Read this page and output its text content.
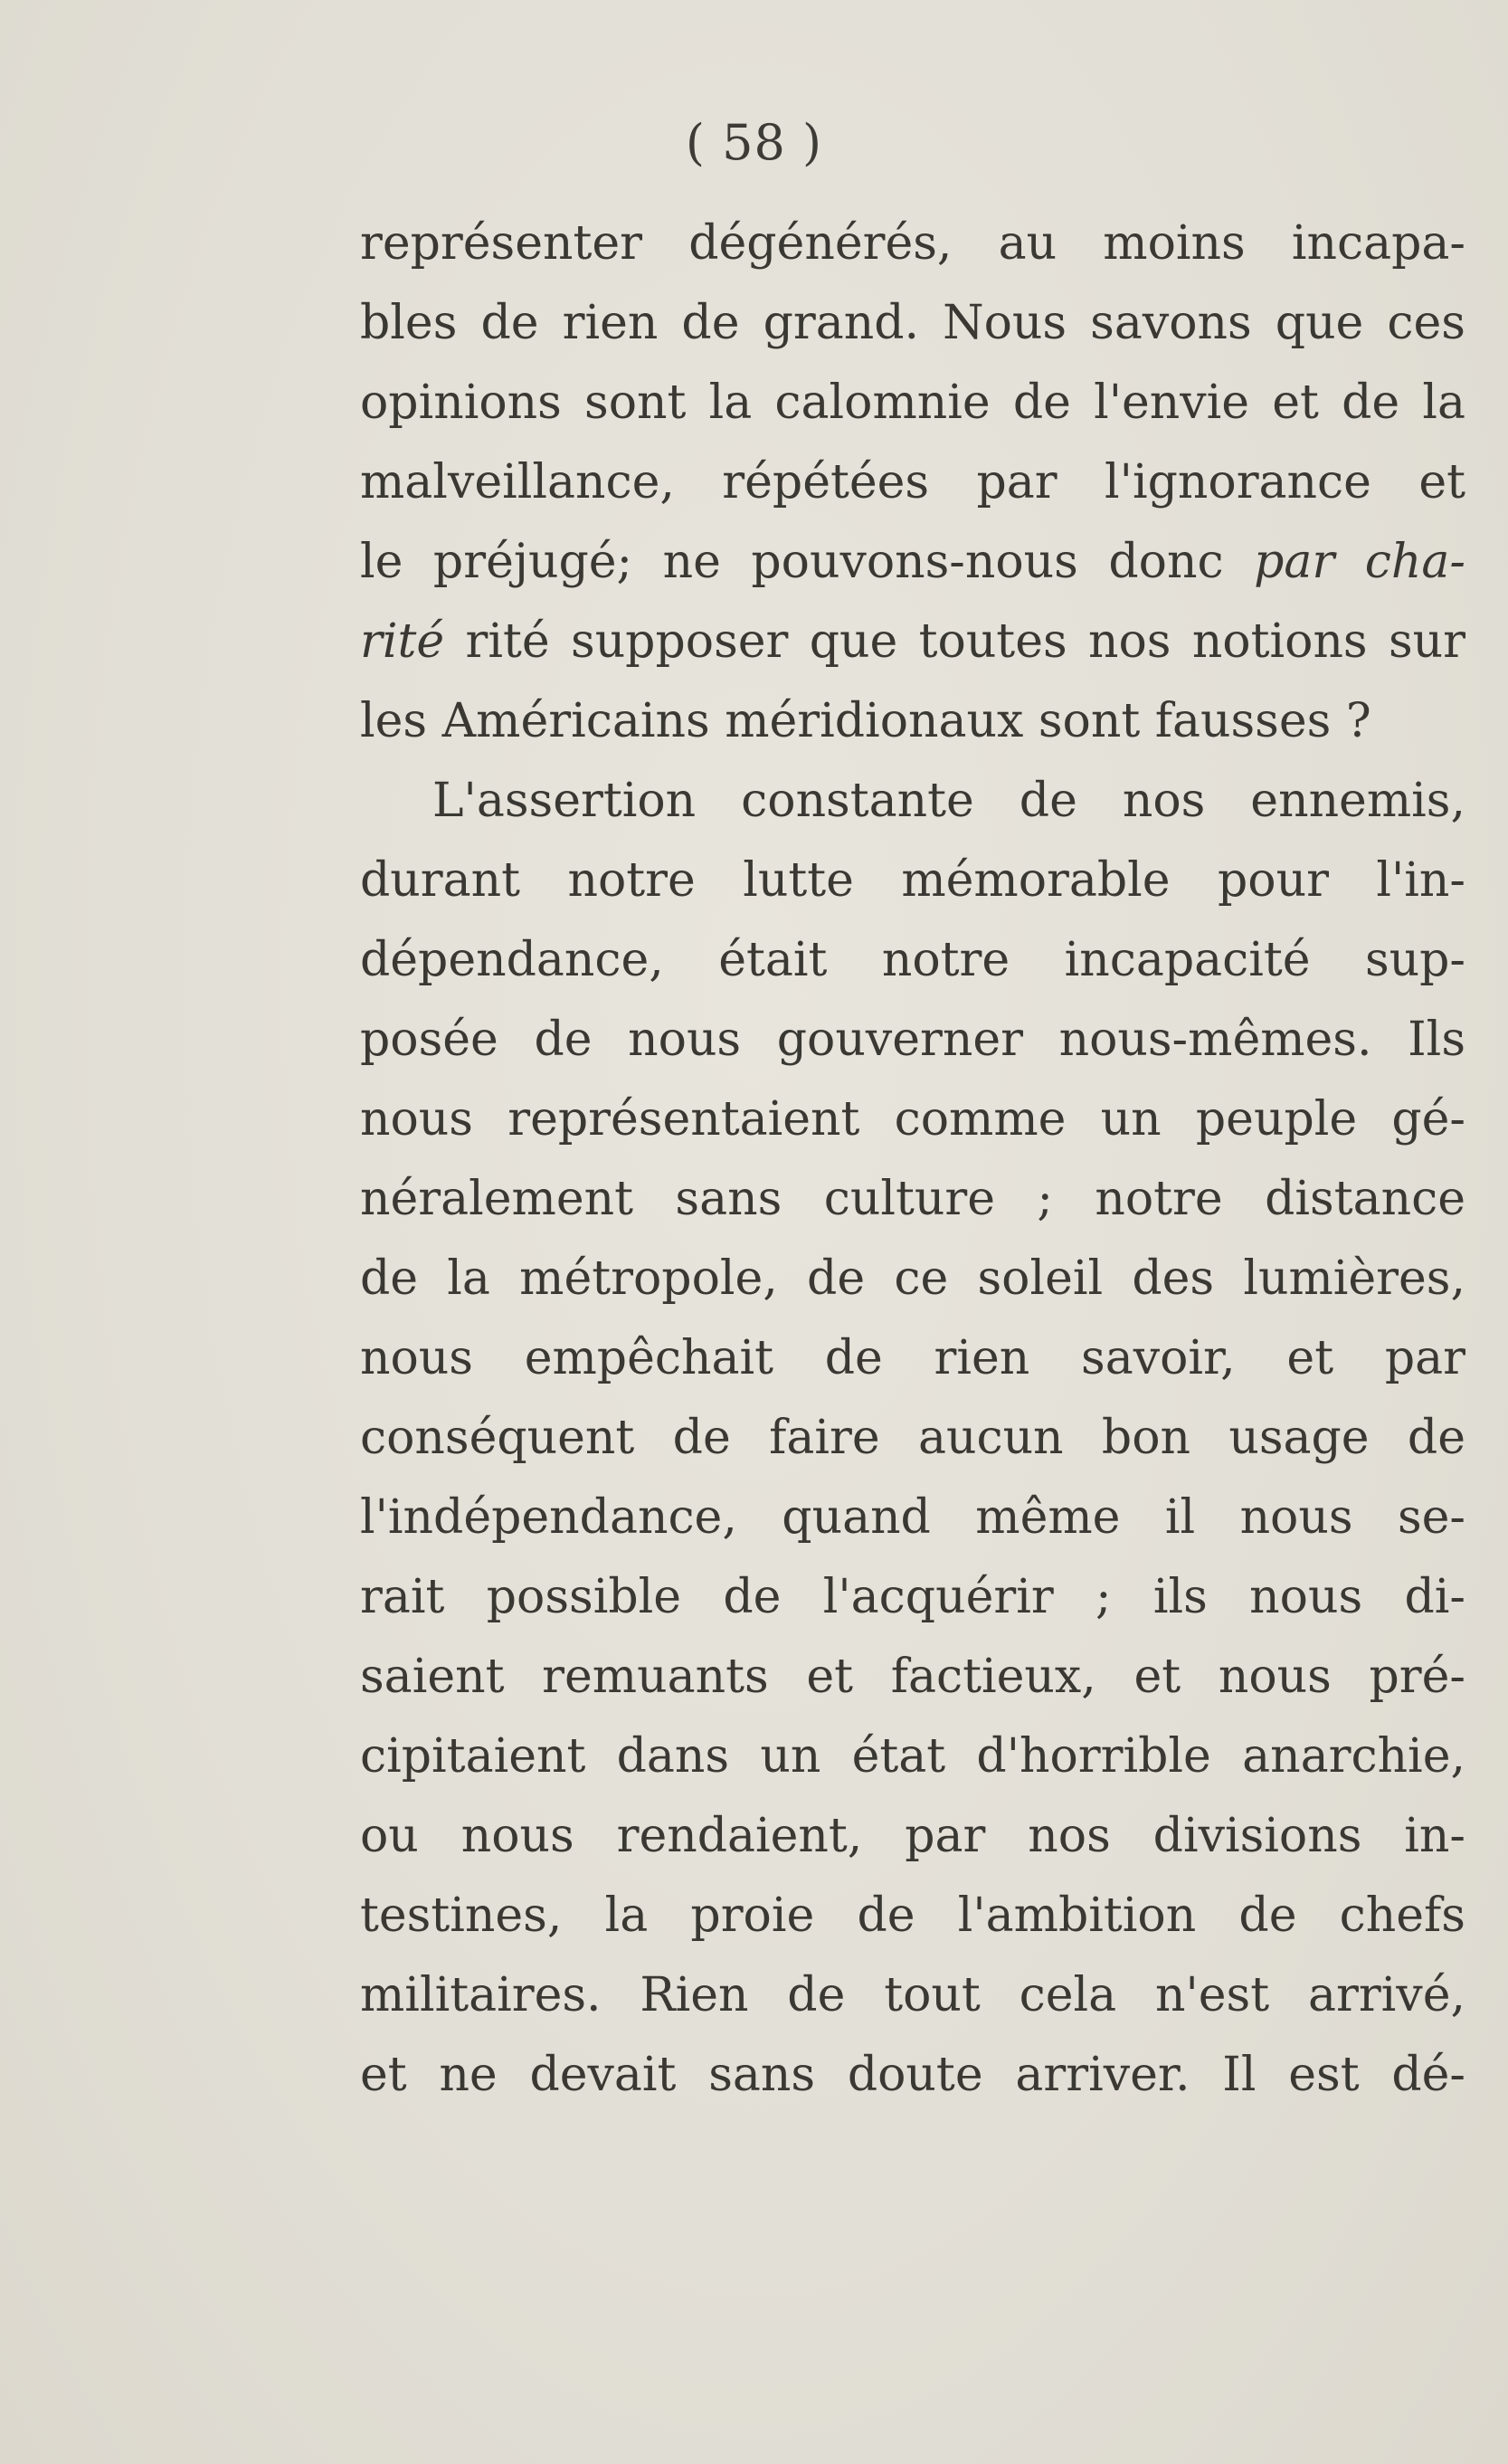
( 58 )
représenter dégénérés, au moins incapa-
bles de rien de grand. Nous savons que ces
opinions sont la calomnie de l'envie et de la
malveillance, répétées par l'ignorance et
le préjugé; ne pouvons-nous donc par cha-
rité rité supposer que toutes nos notions sur
les Américains méridionaux sont fausses ?
L'assertion constante de nos ennemis,
durant notre lutte mémorable pour l'in-
dépendance, était notre incapacité sup-
posée de nous gouverner nous-mêmes. Ils
nous représentaient comme un peuple gé-
néralement sans culture ; notre distance
de la métropole, de ce soleil des lumières,
nous empêchait de rien savoir, et par
conséquent de faire aucun bon usage de
l'indépendance, quand même il nous se-
rait possible de l'acquérir ; ils nous di-
saient remuants et factieux, et nous pré-
cipitaient dans un état d'horrible anarchie,
ou nous rendaient, par nos divisions in-
testines, la proie de l'ambition de chefs
militaires. Rien de tout cela n'est arrivé,
et ne devait sans doute arriver. Il est dé-
